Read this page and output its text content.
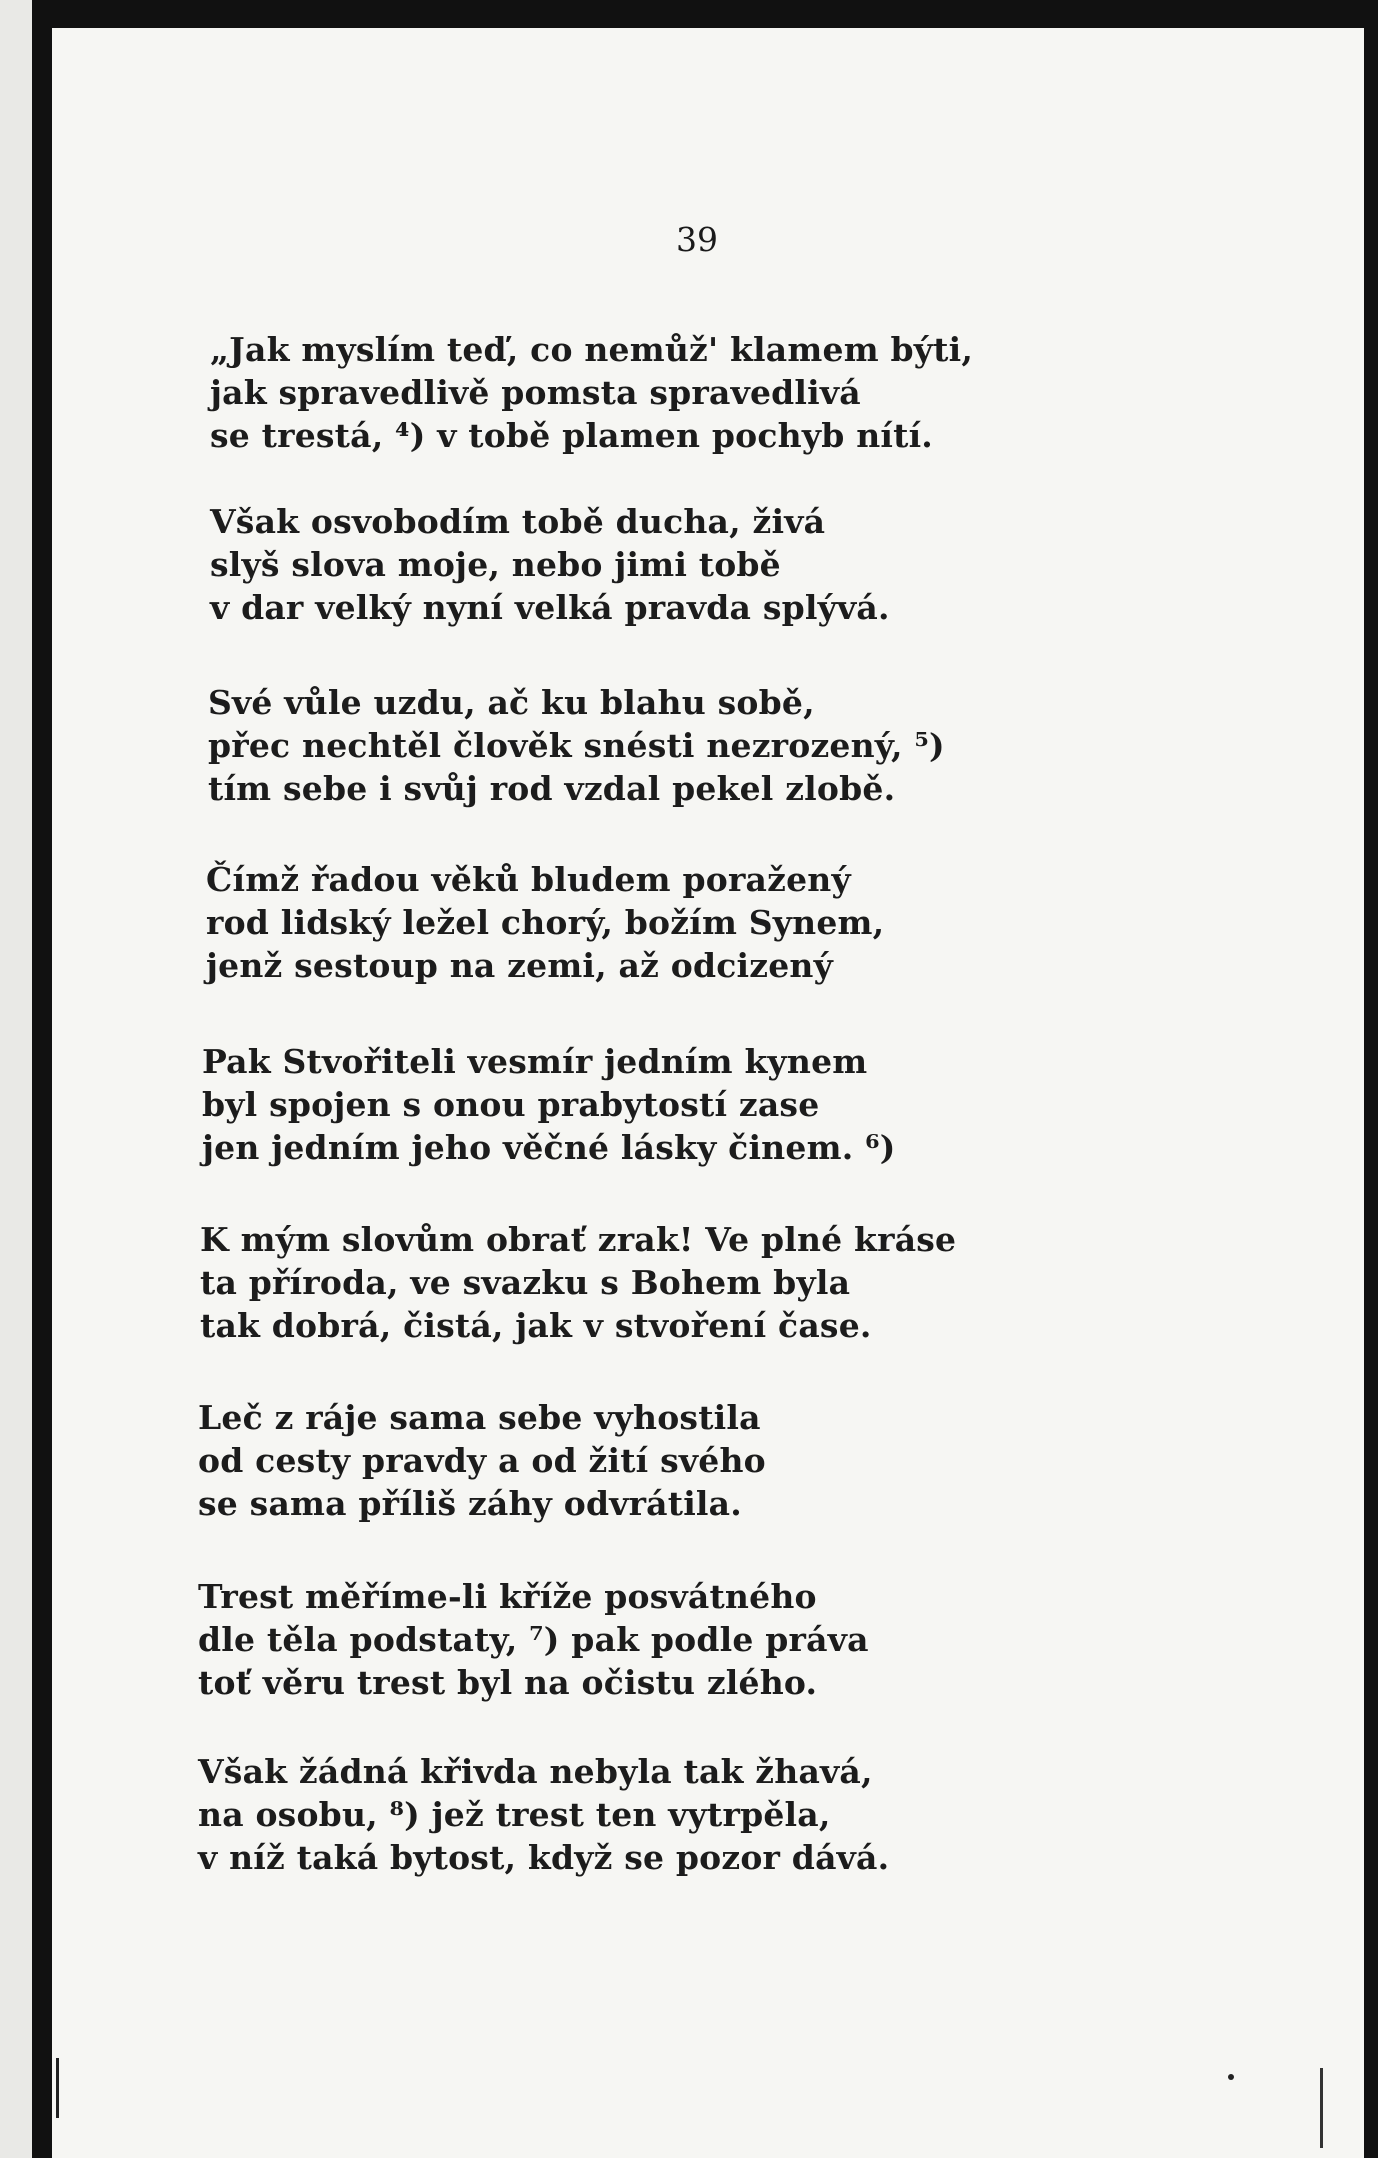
39
„Jak myslím teď, co nemůž' klamem býti,
jak spravedlivě pomsta spravedlivá
se trestá, ⁴) v tobě plamen pochyb nítí.
Však osvobodím tobě ducha, živá
slyš slova moje, nebo jimi tobě
v dar velký nyní velká pravda splývá.
Své vůle uzdu, ač ku blahu sobě,
přec nechtěl člověk snésti nezrozený, ⁵)
tím sebe i svůj rod vzdal pekel zlobě.
Čímž řadou věků bludem poražený
rod lidský ležel chorý, božím Synem,
jenž sestoup na zemi, až odcizený
Pak Stvořiteli vesmír jedním kynem
byl spojen s onou prabytostí zase
jen jedním jeho věčné lásky činem. ⁶)
K mým slovům obrať zrak! Ve plné kráse
ta příroda, ve svazku s Bohem byla
tak dobrá, čistá, jak v stvoření čase.
Leč z ráje sama sebe vyhostila
od cesty pravdy a od žití svého
se sama příliš záhy odvrátila.
Trest měříme-li kříže posvátného
dle těla podstaty, ⁷) pak podle práva
toť věru trest byl na očistu zlého.
Však žádná křivda nebyla tak žhavá,
na osobu, ⁸) jež trest ten vytrpěla,
v níž taká bytost, když se pozor dává.
